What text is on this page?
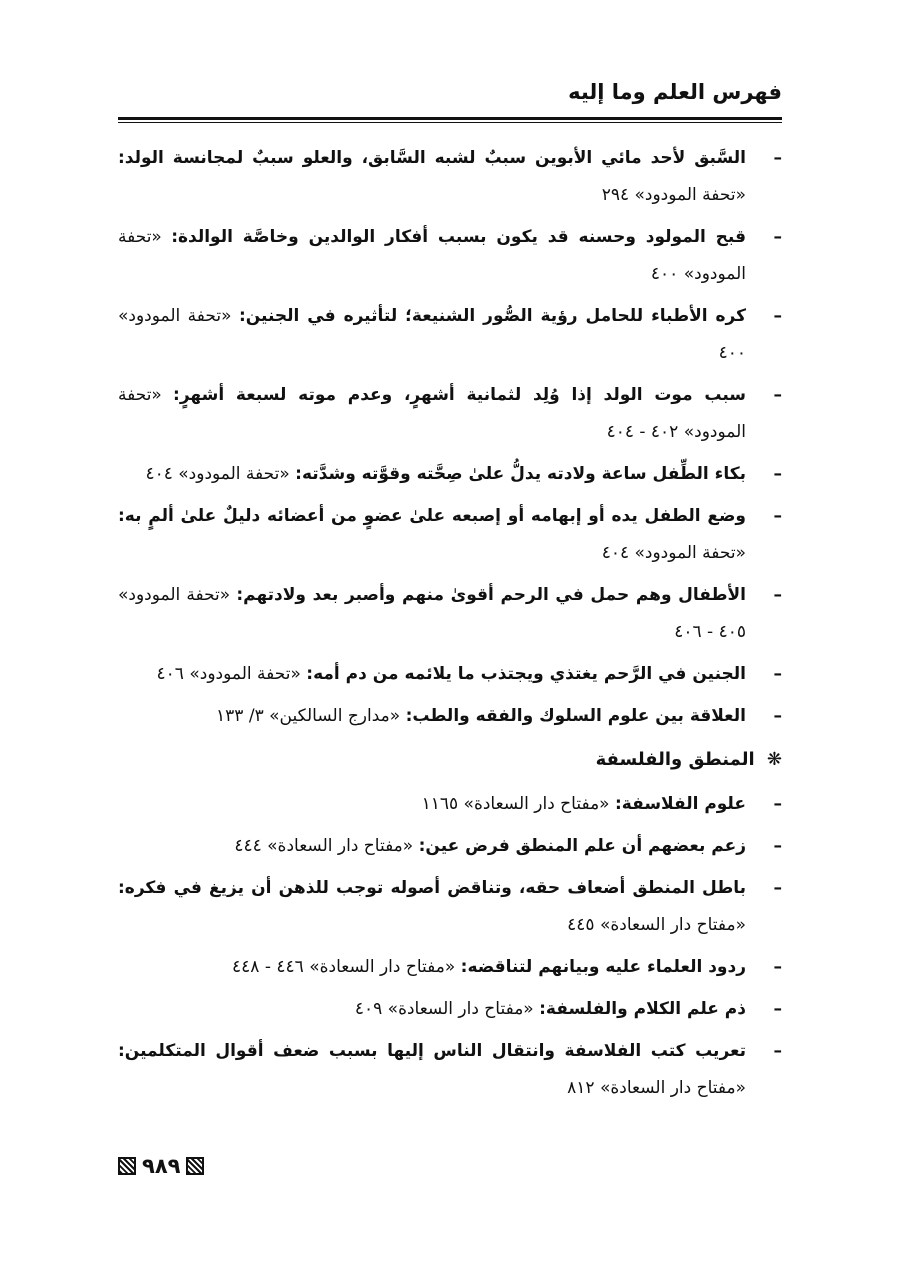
فهرس العلم وما إليه
–
السَّبق لأحد مائي الأبوين سببٌ لشبه السَّابق، والعلو سببٌ لمجانسة الولد: «تحفة المودود» ٢٩٤
–
قبح المولود وحسنه قد يكون بسبب أفكار الوالدين وخاصَّة الوالدة: «تحفة المودود» ٤٠٠
–
كره الأطباء للحامل رؤية الصُّور الشنيعة؛ لتأثيره في الجنين: «تحفة المودود» ٤٠٠
–
سبب موت الولد إذا وُلِد لثمانية أشهرٍ، وعدم موته لسبعة أشهرٍ: «تحفة المودود» ٤٠٢ - ٤٠٤
–
بكاء الطِّفل ساعة ولادته يدلُّ علىٰ صِحَّته وقوَّته وشدَّته: «تحفة المودود» ٤٠٤
–
وضع الطفل يده أو إبهامه أو إصبعه علىٰ عضوٍ من أعضائه دليلٌ علىٰ ألمٍ به: «تحفة المودود» ٤٠٤
–
الأطفال وهم حمل في الرحم أقوىٰ منهم وأصبر بعد ولادتهم: «تحفة المودود» ٤٠٥ - ٤٠٦
–
الجنين في الرَّحم يغتذي ويجتذب ما يلائمه من دم أمه: «تحفة المودود» ٤٠٦
–
العلاقة بين علوم السلوك والفقه والطب: «مدارج السالكين» ٣/ ١٣٣
❋ المنطق والفلسفة
–
علوم الفلاسفة: «مفتاح دار السعادة» ١١٦٥
–
زعم بعضهم أن علم المنطق فرض عين: «مفتاح دار السعادة» ٤٤٤
–
باطل المنطق أضعاف حقه، وتناقض أصوله توجب للذهن أن يزيغ في فكره: «مفتاح دار السعادة» ٤٤٥
–
ردود العلماء عليه وبيانهم لتناقضه: «مفتاح دار السعادة» ٤٤٦ - ٤٤٨
–
ذم علم الكلام والفلسفة: «مفتاح دار السعادة» ٤٠٩
–
تعريب كتب الفلاسفة وانتقال الناس إليها بسبب ضعف أقوال المتكلمين: «مفتاح دار السعادة» ٨١٢
٩٨٩
